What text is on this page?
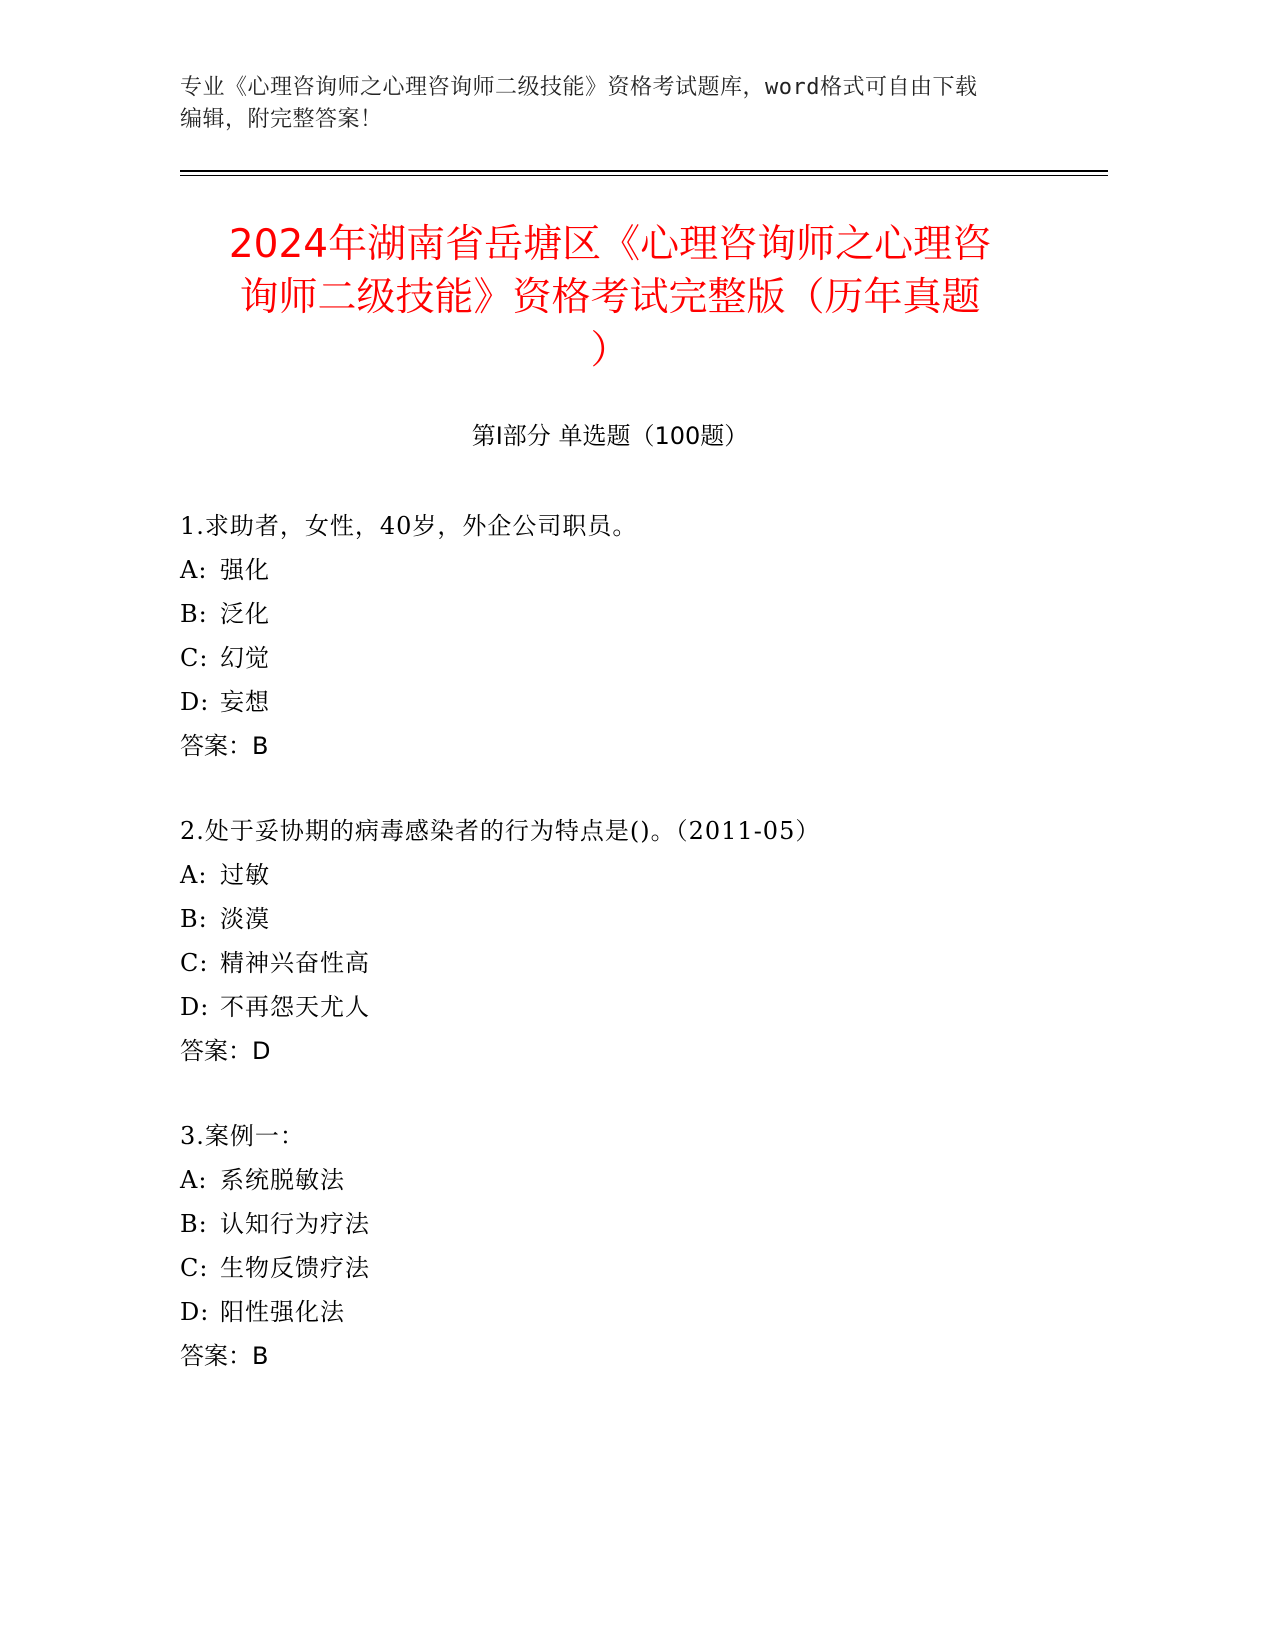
专业《心理咨询师之心理咨询师二级技能》资格考试题库，word格式可自由下载
编辑，附完整答案！
2024年湖南省岳塘区《心理咨询师之心理咨
询师二级技能》资格考试完整版（历年真题
）
第Ⅰ部分 单选题（100题）
1.求助者，女性，40岁，外企公司职员。
A: 强化
B: 泛化
C: 幻觉
D: 妄想
答案：B
2.处于妥协期的病毒感染者的行为特点是()。（2011-05）
A: 过敏
B: 淡漠
C: 精神兴奋性高
D: 不再怨天尤人
答案：D
3.案例一：
A: 系统脱敏法
B: 认知行为疗法
C: 生物反馈疗法
D: 阳性强化法
答案：B
